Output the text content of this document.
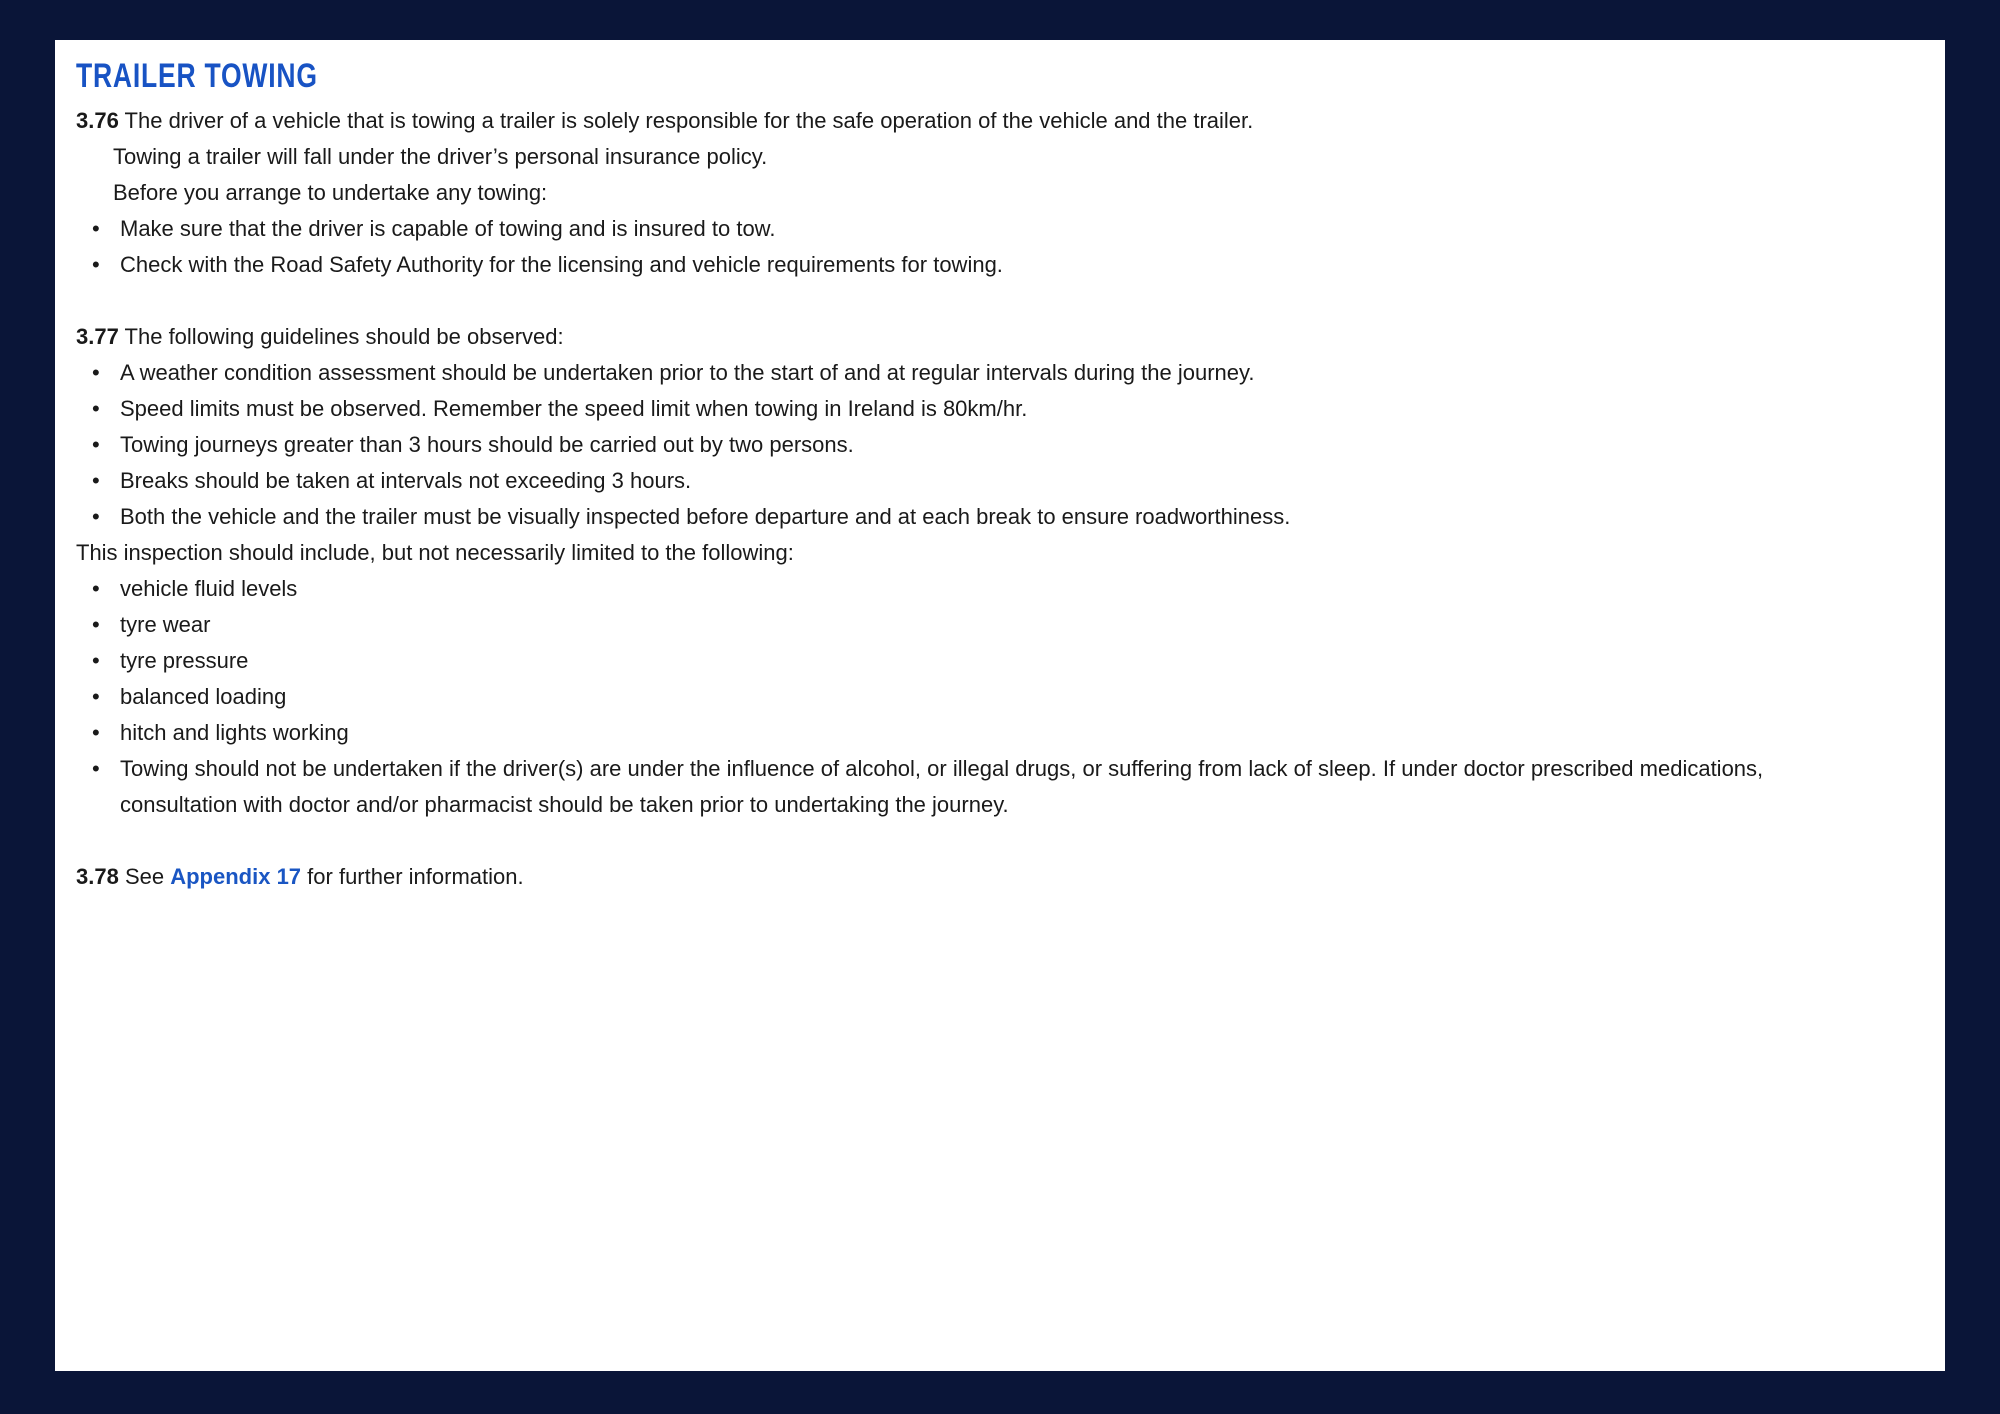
TRAILER TOWING
3.76 The driver of a vehicle that is towing a trailer is solely responsible for the safe operation of the vehicle and the trailer.
Towing a trailer will fall under the driver’s personal insurance policy.
Before you arrange to undertake any towing:
• Make sure that the driver is capable of towing and is insured to tow.
• Check with the Road Safety Authority for the licensing and vehicle requirements for towing.
3.77 The following guidelines should be observed:
• A weather condition assessment should be undertaken prior to the start of and at regular intervals during the journey.
• Speed limits must be observed. Remember the speed limit when towing in Ireland is 80km/hr.
• Towing journeys greater than 3 hours should be carried out by two persons.
• Breaks should be taken at intervals not exceeding 3 hours.
• Both the vehicle and the trailer must be visually inspected before departure and at each break to ensure roadworthiness.
This inspection should include, but not necessarily limited to the following:
• vehicle fluid levels
• tyre wear
• tyre pressure
• balanced loading
• hitch and lights working
• Towing should not be undertaken if the driver(s) are under the influence of alcohol, or illegal drugs, or suffering from lack of sleep. If under doctor prescribed medications, consultation with doctor and/or pharmacist should be taken prior to undertaking the journey.
3.78 See Appendix 17 for further information.
